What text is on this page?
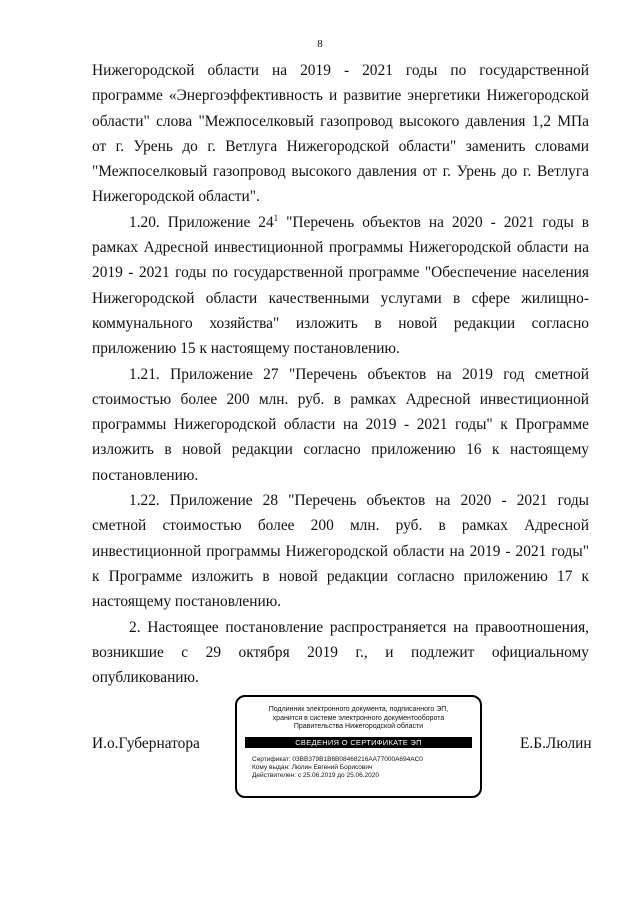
8

Нижегородской области на 2019 - 2021 годы по государственной программе «Энергоэффективность и развитие энергетики Нижегородской области" слова "Межпоселковый газопровод высокого давления 1,2 МПа от г. Урень до г. Ветлуга Нижегородской области" заменить словами "Межпоселковый газопровод высокого давления от г. Урень до г. Ветлуга Нижегородской области".

1.20. Приложение $24^1$ "Перечень объектов на 2020 - 2021 годы в рамках Адресной инвестиционной программы Нижегородской области на 2019 - 2021 годы по государственной программе "Обеспечение населения Нижегородской области качественными услугами в сфере жилищно-коммунального хозяйства" изложить в новой редакции согласно приложению 15 к настоящему постановлению.

1.21. Приложение 27 "Перечень объектов на 2019 год сметной стоимостью более 200 млн. руб. в рамках Адресной инвестиционной программы Нижегородской области на 2019 - 2021 годы" к Программе изложить в новой редакции согласно приложению 16 к настоящему постановлению.

1.22. Приложение 28 "Перечень объектов на 2020 - 2021 годы сметной стоимостью более 200 млн. руб. в рамках Адресной инвестиционной программы Нижегородской области на 2019 - 2021 годы" к Программе изложить в новой редакции согласно приложению 17 к настоящему постановлению.

2. Настоящее постановление распространяется на правоотношения, возникшие с 29 октября 2019 г., и подлежит официальному опубликованию.

И.о.Губернатора
Подлинник электронного документа, подписанного ЭП,
хранится в системе электронного документооборота
Правительства Нижегородской области
СВЕДЕНИЯ О СЕРТИФИКАТЕ ЭП
Сертификат: 03BB379B1B6B08468216AA77000A694AC0
Кому выдан: Люлин Евгений Борисович
Действителен: с 25.06.2019 до 25.06.2020
Е.Б.Люлин
